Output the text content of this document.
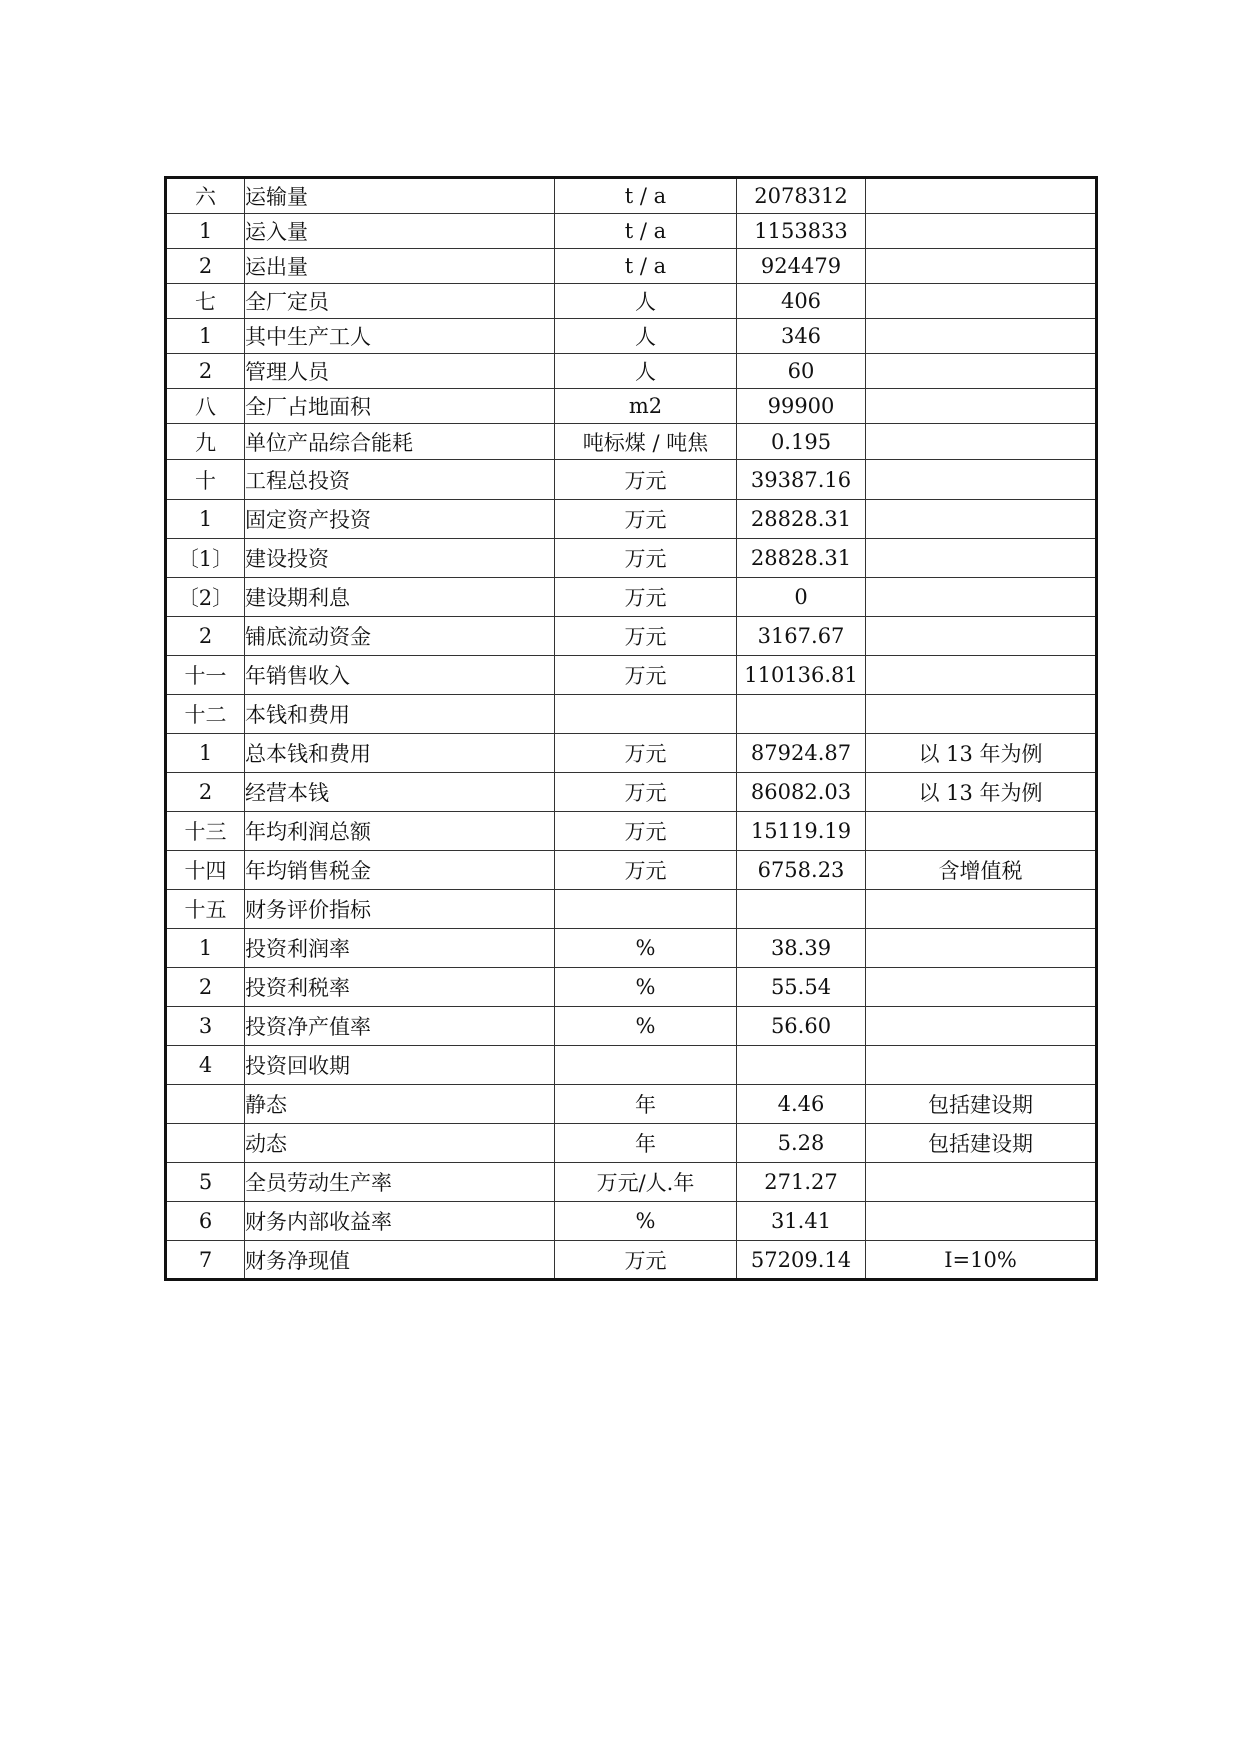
六	运输量	t / a	2078312	
1	运入量	t / a	1153833	
2	运出量	t / a	924479	
七	全厂定员	人	406	
1	其中生产工人	人	346	
2	管理人员	人	60	
八	全厂占地面积	m2	99900	
九	单位产品综合能耗	吨标煤 / 吨焦	0.195	
十	工程总投资	万元	39387.16	
1	固定资产投资	万元	28828.31	
〔1〕	建设投资	万元	28828.31	
〔2〕	建设期利息	万元	0	
2	铺底流动资金	万元	3167.67	
十一	年销售收入	万元	110136.81	
十二	本钱和费用			
1	总本钱和费用	万元	87924.87	以 13 年为例
2	经营本钱	万元	86082.03	以 13 年为例
十三	年均利润总额	万元	15119.19	
十四	年均销售税金	万元	6758.23	含增值税
十五	财务评价指标			
1	投资利润率	%	38.39	
2	投资利税率	%	55.54	
3	投资净产值率	%	56.60	
4	投资回收期			
	静态	年	4.46	包括建设期
	动态	年	5.28	包括建设期
5	全员劳动生产率	万元/人.年	271.27	
6	财务内部收益率	%	31.41	
7	财务净现值	万元	57209.14	I=10%
